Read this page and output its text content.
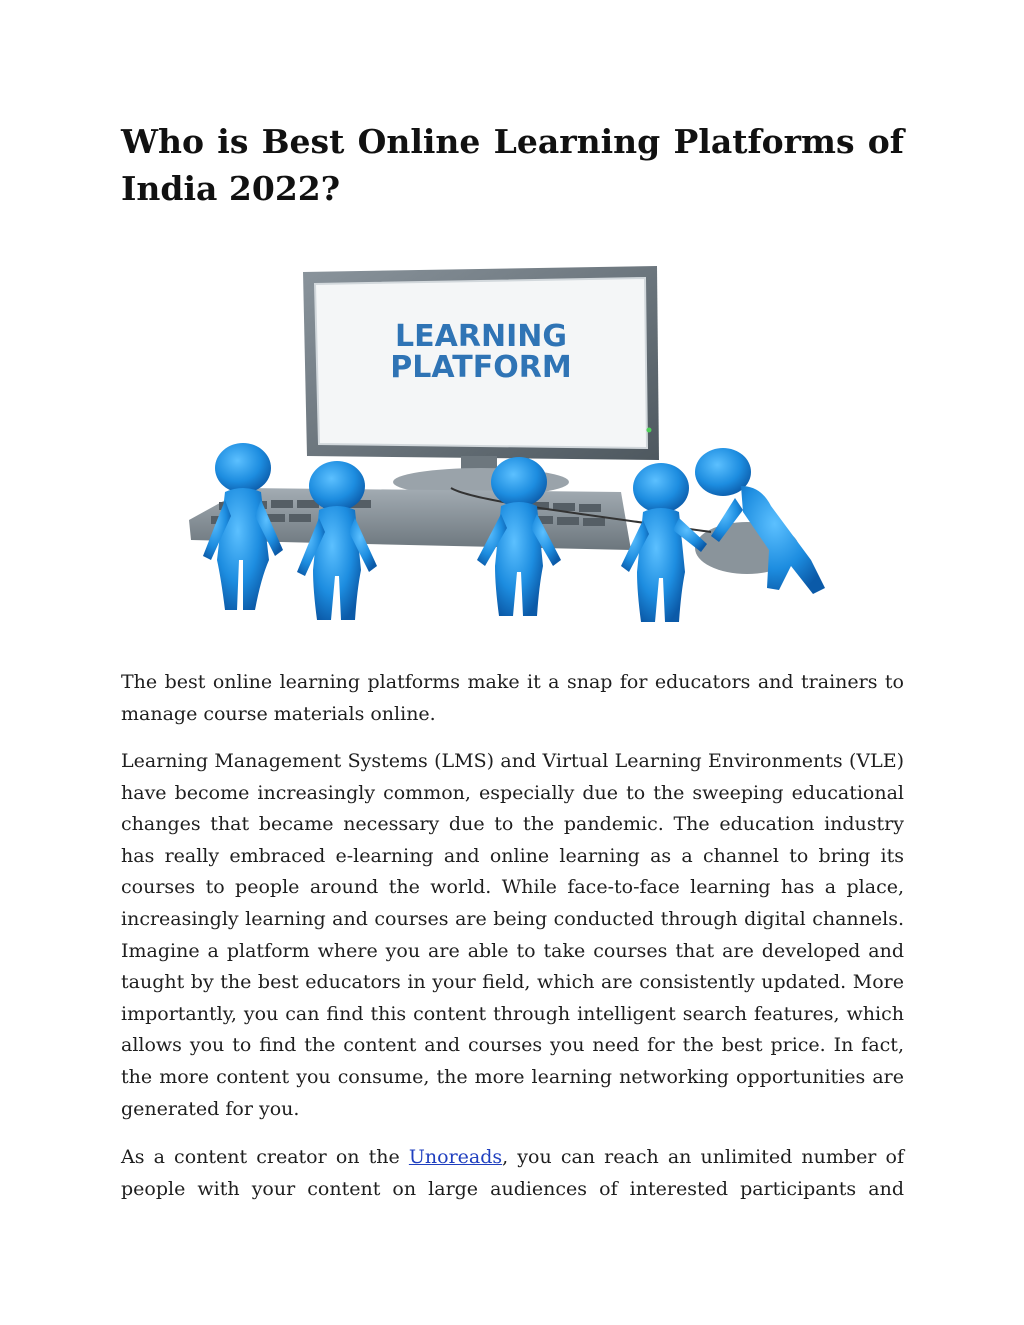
Who is Best Online Learning Platforms of India 2022?
LEARNING
PLATFORM

The best online learning platforms make it a snap for educators and trainers to manage course materials online.

Learning Management Systems (LMS) and Virtual Learning Environments (VLE) have become increasingly common, especially due to the sweeping educational changes that became necessary due to the pandemic. The education industry has really embraced e-learning and online learning as a channel to bring its courses to people around the world. While face-to-face learning has a place, increasingly learning and courses are being conducted through digital channels. Imagine a platform where you are able to take courses that are developed and taught by the best educators in your field, which are consistently updated. More importantly, you can find this content through intelligent search features, which allows you to find the content and courses you need for the best price. In fact, the more content you consume, the more learning networking opportunities are generated for you.

As a content creator on the Unoreads, you can reach an unlimited number of people with your content on large audiences of interested participants and
